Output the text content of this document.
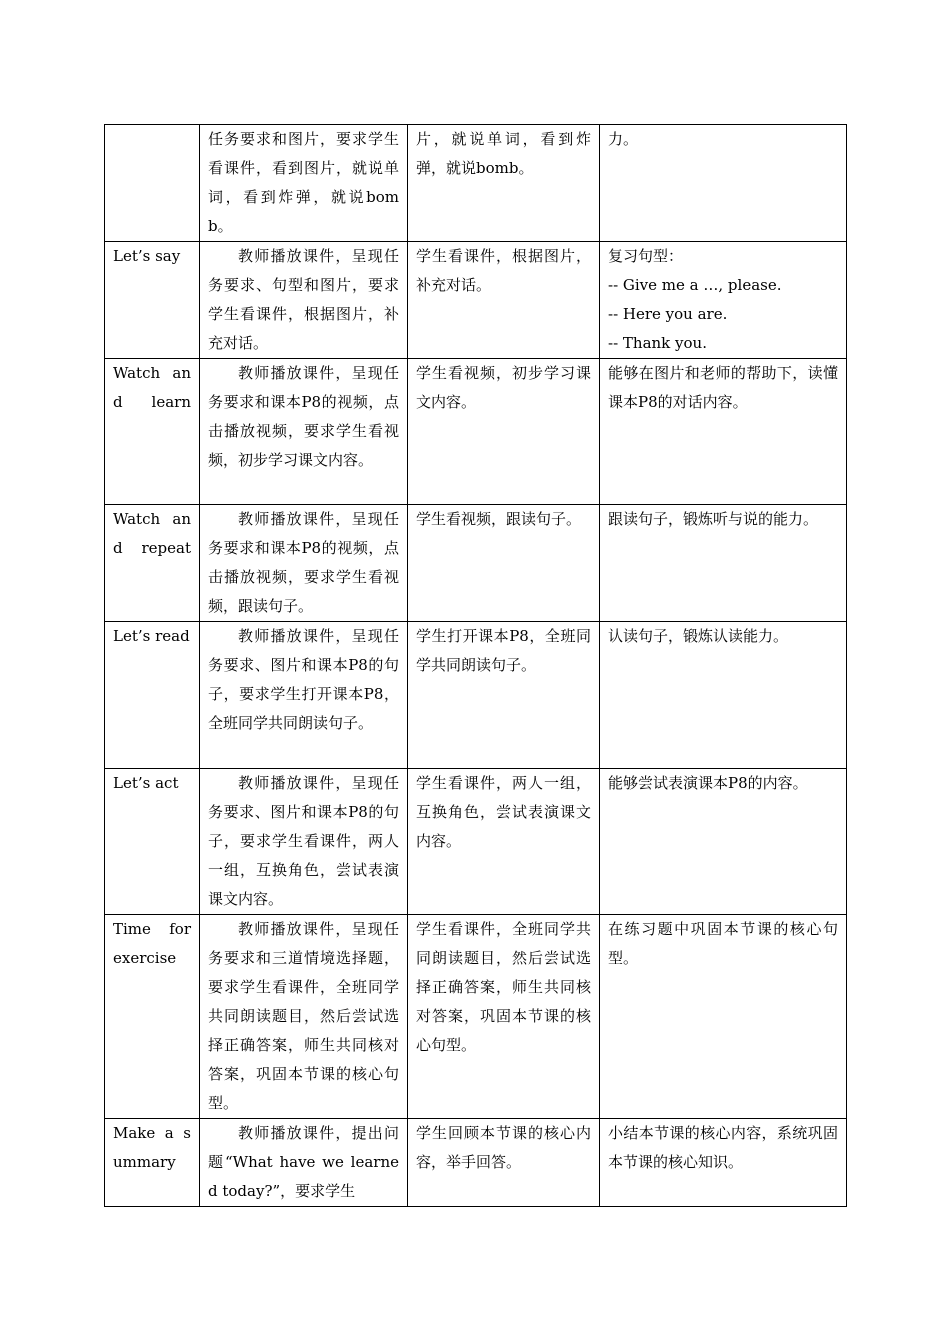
	任务要求和图片，要求学生看课件，看到图片，就说单词，看到炸弹，就说bomb。	片，就说单词，看到炸弹，就说bomb。	力。

Let’s say	教师播放课件，呈现任务要求、句型和图片，要求学生看课件，根据图片，补充对话。	学生看课件，根据图片，补充对话。	复习句型：
-- Give me a …, please.
-- Here you are.
-- Thank you.

Watch and learn	教师播放课件，呈现任务要求和课本P8的视频，点击播放视频，要求学生看视频，初步学习课文内容。	学生看视频，初步学习课文内容。	能够在图片和老师的帮助下，读懂课本P8的对话内容。

Watch and repeat	教师播放课件，呈现任务要求和课本P8的视频，点击播放视频，要求学生看视频，跟读句子。	学生看视频，跟读句子。	跟读句子，锻炼听与说的能力。

Let’s read	教师播放课件，呈现任务要求、图片和课本P8的句子，要求学生打开课本P8，全班同学共同朗读句子。	学生打开课本P8，全班同学共同朗读句子。	认读句子，锻炼认读能力。

Let’s act	教师播放课件，呈现任务要求、图片和课本P8的句子，要求学生看课件，两人一组，互换角色，尝试表演课文内容。	学生看课件，两人一组，互换角色，尝试表演课文内容。	能够尝试表演课本P8的内容。

Time for exercise	教师播放课件，呈现任务要求和三道情境选择题，要求学生看课件，全班同学共同朗读题目，然后尝试选择正确答案，师生共同核对答案，巩固本节课的核心句型。	学生看课件，全班同学共同朗读题目，然后尝试选择正确答案，师生共同核对答案，巩固本节课的核心句型。	在练习题中巩固本节课的核心句型。

Make a summary	教师播放课件，提出问题“What have we learned today?”，要求学生	学生回顾本节课的核心内容，举手回答。	小结本节课的核心内容，系统巩固本节课的核心知识。
